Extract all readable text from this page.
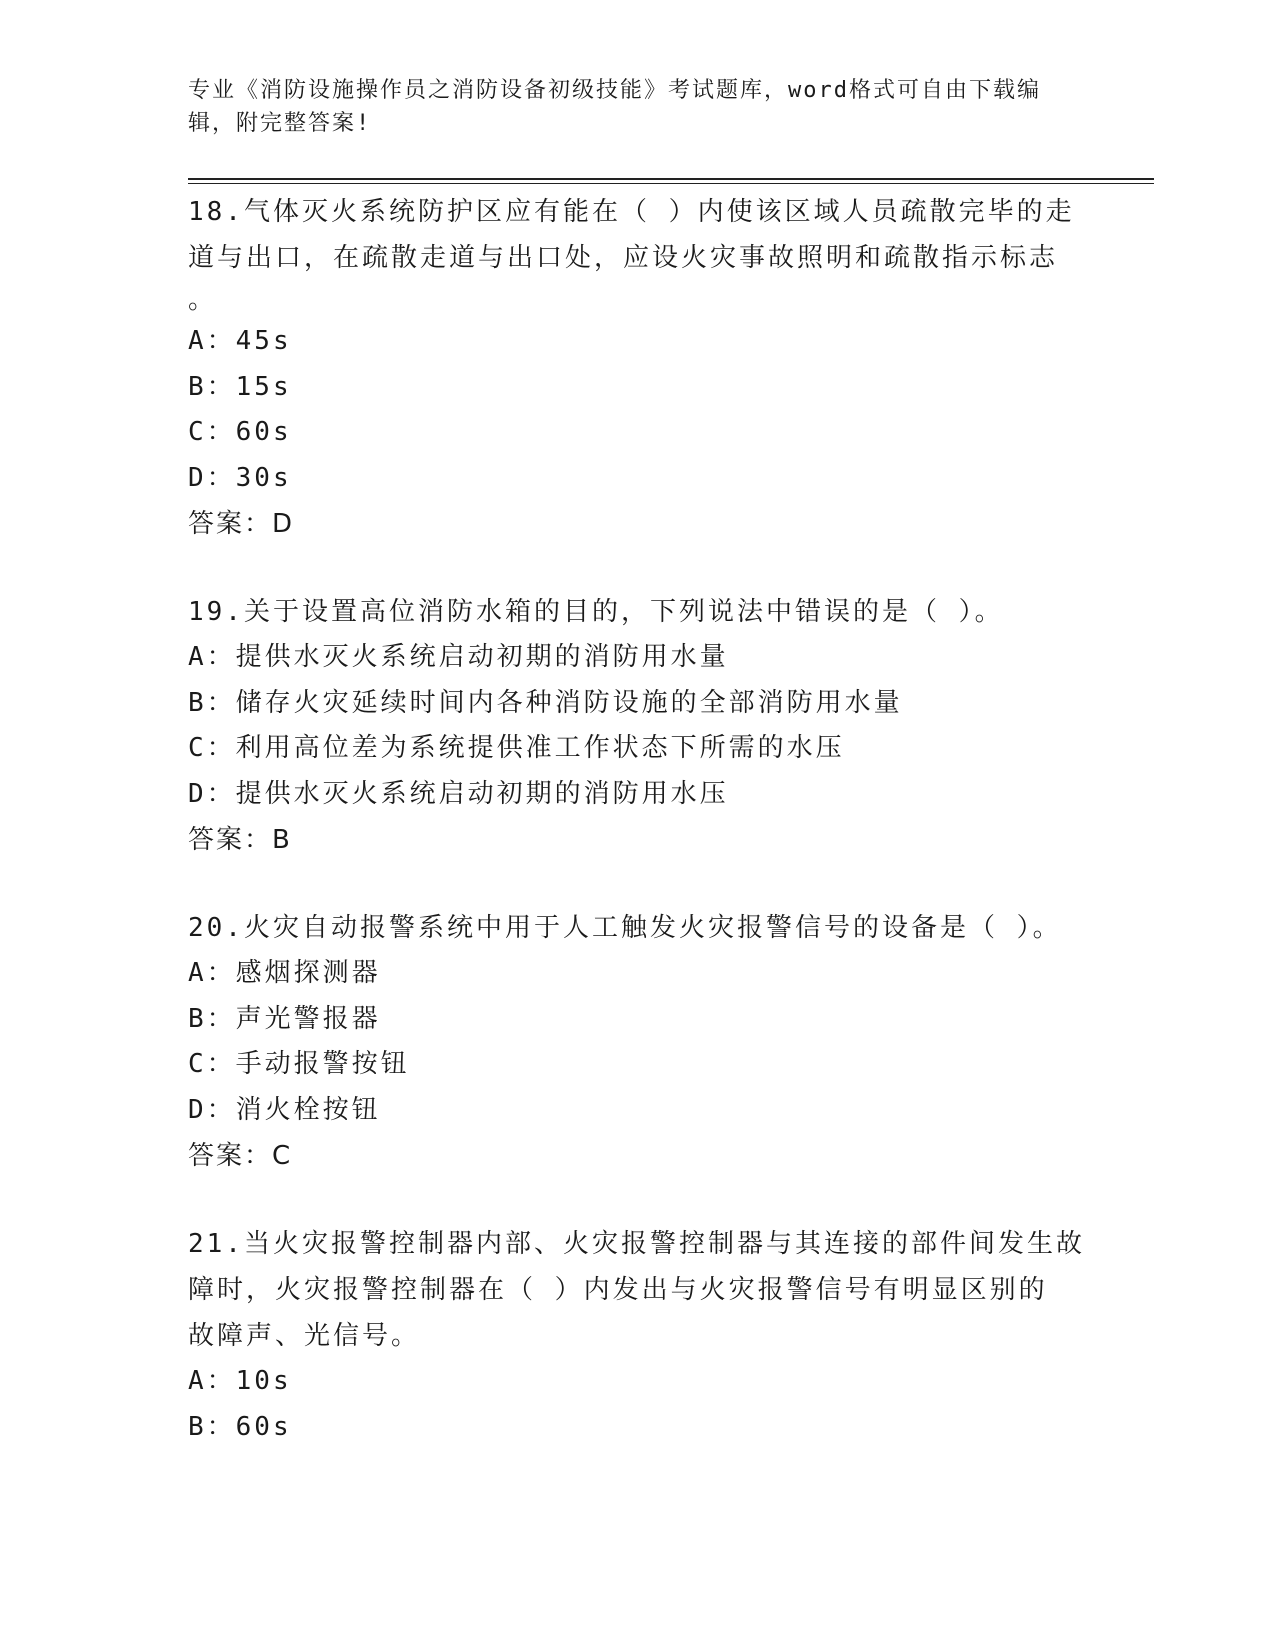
专业《消防设施操作员之消防设备初级技能》考试题库，word格式可自由下载编
辑，附完整答案!

18.气体灭火系统防护区应有能在（ ）内使该区域人员疏散完毕的走

道与出口，在疏散走道与出口处，应设火灾事故照明和疏散指示标志

。

A：45s

B：15s

C：60s

D：30s

答案：D

19.关于设置高位消防水箱的目的，下列说法中错误的是（ ）。

A：提供水灭火系统启动初期的消防用水量

B：储存火灾延续时间内各种消防设施的全部消防用水量

C：利用高位差为系统提供准工作状态下所需的水压

D：提供水灭火系统启动初期的消防用水压

答案：B

20.火灾自动报警系统中用于人工触发火灾报警信号的设备是（ ）。

A：感烟探测器

B：声光警报器

C：手动报警按钮

D：消火栓按钮

答案：C

21.当火灾报警控制器内部、火灾报警控制器与其连接的部件间发生故

障时，火灾报警控制器在（ ）内发出与火灾报警信号有明显区别的

故障声、光信号。

A：10s

B：60s
